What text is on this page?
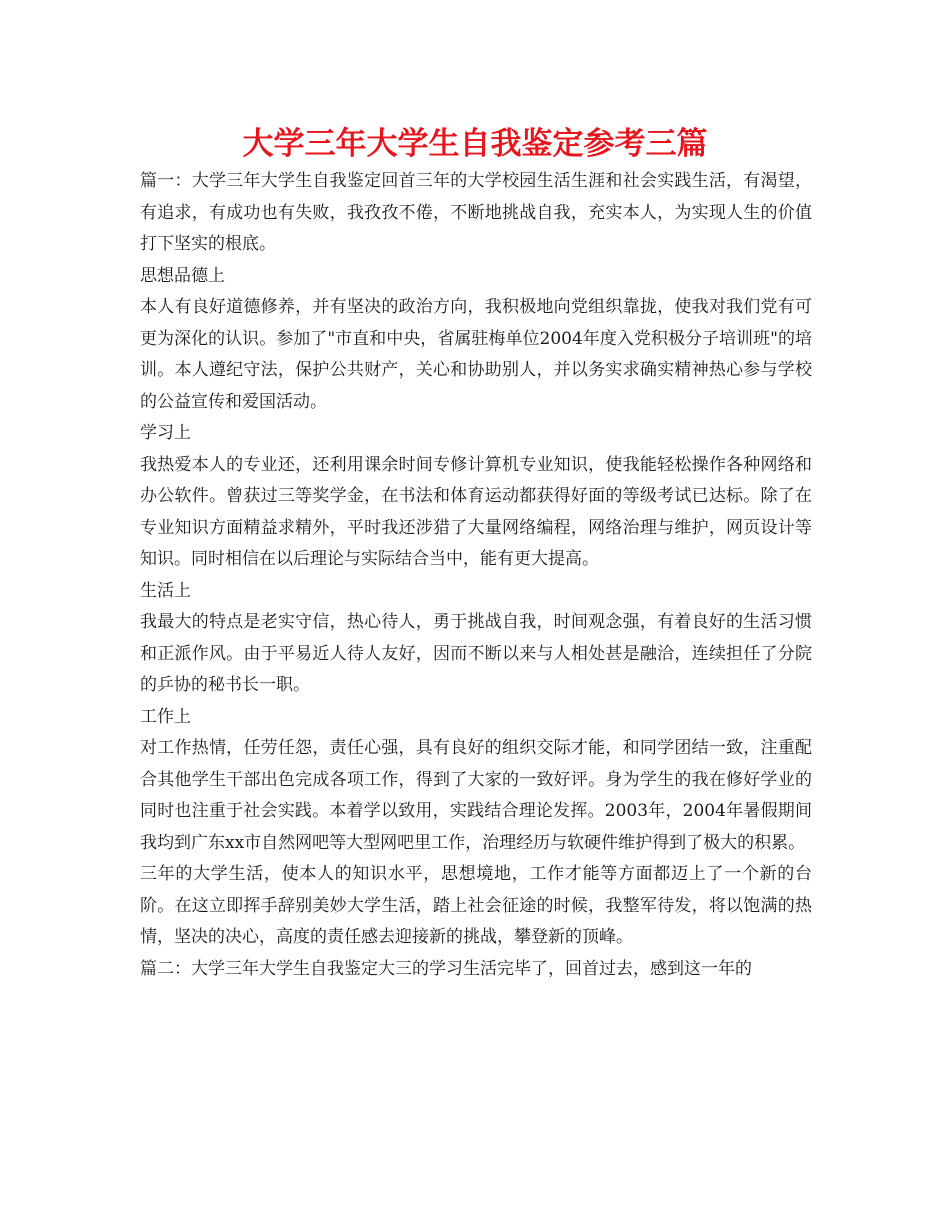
大学三年大学生自我鉴定参考三篇

篇一：大学三年大学生自我鉴定回首三年的大学校园生活生涯和社会实践生活，有渴望，有追求，有成功也有失败，我孜孜不倦，不断地挑战自我，充实本人，为实现人生的价值打下坚实的根底。

思想品德上

本人有良好道德修养，并有坚决的政治方向，我积极地向党组织靠拢，使我对我们党有可更为深化的认识。参加了"市直和中央，省属驻梅单位2004年度入党积极分子培训班"的培训。本人遵纪守法，保护公共财产，关心和协助别人，并以务实求确实精神热心参与学校的公益宣传和爱国活动。

学习上

我热爱本人的专业还，还利用课余时间专修计算机专业知识，使我能轻松操作各种网络和办公软件。曾获过三等奖学金，在书法和体育运动都获得好面的等级考试已达标。除了在专业知识方面精益求精外，平时我还涉猎了大量网络编程，网络治理与维护，网页设计等知识。同时相信在以后理论与实际结合当中，能有更大提高。

生活上

我最大的特点是老实守信，热心待人，勇于挑战自我，时间观念强，有着良好的生活习惯和正派作风。由于平易近人待人友好，因而不断以来与人相处甚是融洽，连续担任了分院的乒协的秘书长一职。

工作上

对工作热情，任劳任怨，责任心强，具有良好的组织交际才能，和同学团结一致，注重配合其他学生干部出色完成各项工作，得到了大家的一致好评。身为学生的我在修好学业的同时也注重于社会实践。本着学以致用，实践结合理论发挥。2003年，2004年暑假期间我均到广东xx市自然网吧等大型网吧里工作，治理经历与软硬件维护得到了极大的积累。

三年的大学生活，使本人的知识水平，思想境地，工作才能等方面都迈上了一个新的台阶。在这立即挥手辞别美妙大学生活，踏上社会征途的时候，我整军待发，将以饱满的热情，坚决的决心，高度的责任感去迎接新的挑战，攀登新的顶峰。

篇二：大学三年大学生自我鉴定大三的学习生活完毕了，回首过去，感到这一年的
